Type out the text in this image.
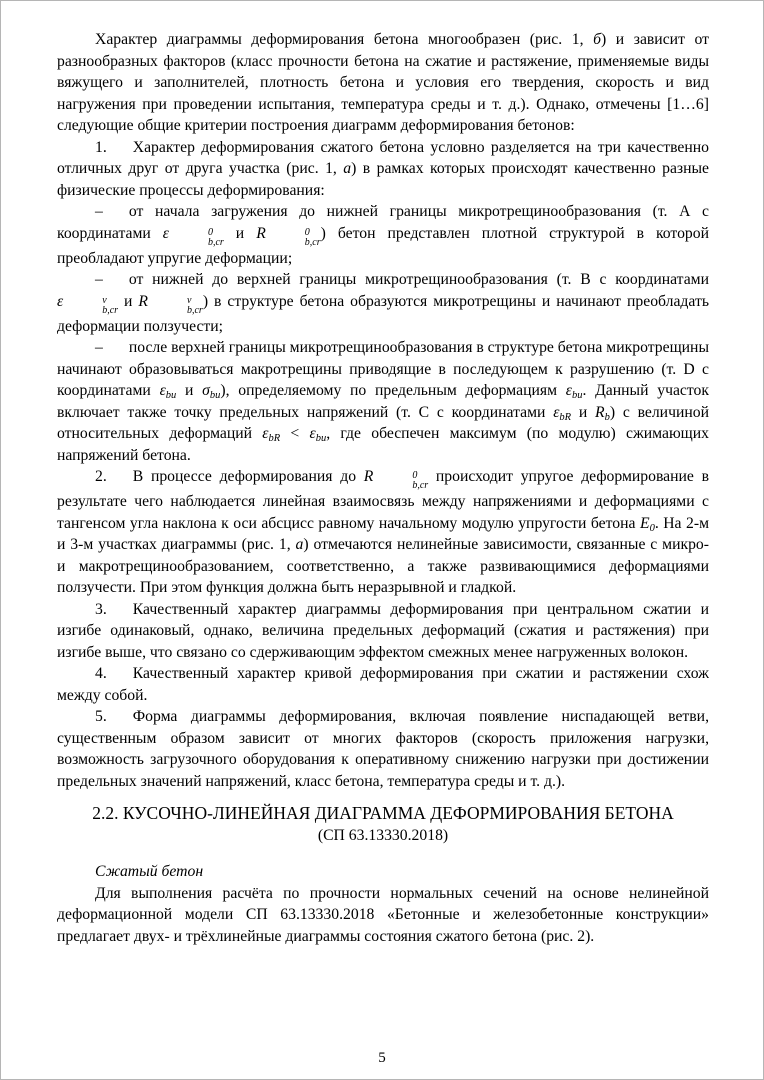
Характер диаграммы деформирования бетона многообразен (рис. 1, б) и зависит от разнообразных факторов (класс прочности бетона на сжатие и растяжение, применяемые виды вяжущего и заполнителей, плотность бетона и условия его твердения, скорость и вид нагружения при проведении испытания, температура среды и т. д.). Однако, отмечены [1…6] следующие общие критерии построения диаграмм деформирования бетонов:

1. Характер деформирования сжатого бетона условно разделяется на три качественно отличных друг от друга участка (рис. 1, а) в рамках которых происходят качественно разные физические процессы деформирования:

– от начала загружения до нижней границы микротрещинообразования (т. А с координатами ε	0
b,cr
и R	0
b,cr
) бетон представлен плотной структурой в которой преобладают упругие деформации;

– от нижней до верхней границы микротрещинообразования (т. В с координатами ε	v
b,cr
и R	v
b,cr
) в структуре бетона образуются микротрещины и начинают преобладать деформации ползучести;

– после верхней границы микротрещинообразования в структуре бетона микротрещины начинают образовываться макротрещины приводящие в последующем к разрушению (т. D с координатами εbu и σbu), определяемому по предельным деформациям εbu. Данный участок включает также точку предельных напряжений (т. С с координатами εbR и Rb) с величиной относительных деформаций εbR < εbu, где обеспечен максимум (по модулю) сжимающих напряжений бетона.

2. В процессе деформирования до R	0
b,cr
происходит упругое деформирование в результате чего наблюдается линейная взаимосвязь между напряжениями и деформациями с тангенсом угла наклона к оси абсцисс равному начальному модулю упругости бетона E0. На 2-м и 3-м участках диаграммы (рис. 1, а) отмечаются нелинейные зависимости, связанные с микро- и макротрещинообразованием, соответственно, а также развивающимися деформациями ползучести. При этом функция должна быть неразрывной и гладкой.

3. Качественный характер диаграммы деформирования при центральном сжатии и изгибе одинаковый, однако, величина предельных деформаций (сжатия и растяжения) при изгибе выше, что связано со сдерживающим эффектом смежных менее нагруженных волокон.

4. Качественный характер кривой деформирования при сжатии и растяжении схож между собой.

5. Форма диаграммы деформирования, включая появление ниспадающей ветви, существенным образом зависит от многих факторов (скорость приложения нагрузки, возможность загрузочного оборудования к оперативному снижению нагрузки при достижении предельных значений напряжений, класс бетона, температура среды и т. д.).

2.2. КУСОЧНО-ЛИНЕЙНАЯ ДИАГРАММА ДЕФОРМИРОВАНИЯ БЕТОНА

(СП 63.13330.2018)

Сжатый бетон

Для выполнения расчёта по прочности нормальных сечений на основе нелинейной деформационной модели СП 63.13330.2018 «Бетонные и железобетонные конструкции» предлагает двух- и трёхлинейные диаграммы состояния сжатого бетона (рис. 2).

5
